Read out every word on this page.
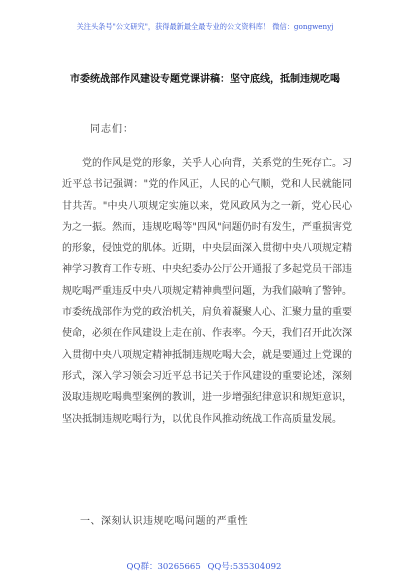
关注头条号"公文研究"，获得最新最全最专业的公文资料库！ 微信：gongwenyj
市委统战部作风建设专题党课讲稿：坚守底线，抵制违规吃喝
同志们：
党的作风是党的形象，关乎人心向背，关系党的生死存亡。习近平总书记强调："党的作风正，人民的心气顺，党和人民就能同甘共苦。"中央八项规定实施以来，党风政风为之一新，党心民心为之一振。然而，违规吃喝等"四风"问题仍时有发生，严重损害党的形象，侵蚀党的肌体。近期，中央层面深入贯彻中央八项规定精神学习教育工作专班、中央纪委办公厅公开通报了多起党员干部违规吃喝严重违反中央八项规定精神典型问题，为我们敲响了警钟。市委统战部作为党的政治机关，肩负着凝聚人心、汇聚力量的重要使命，必须在作风建设上走在前、作表率。今天，我们召开此次深入贯彻中央八项规定精神抵制违规吃喝大会，就是要通过上党课的形式，深入学习领会习近平总书记关于作风建设的重要论述，深刻汲取违规吃喝典型案例的教训，进一步增强纪律意识和规矩意识，坚决抵制违规吃喝行为，以优良作风推动统战工作高质量发展。
一、深刻认识违规吃喝问题的严重性
QQ群：30265665 QQ号:535304092
